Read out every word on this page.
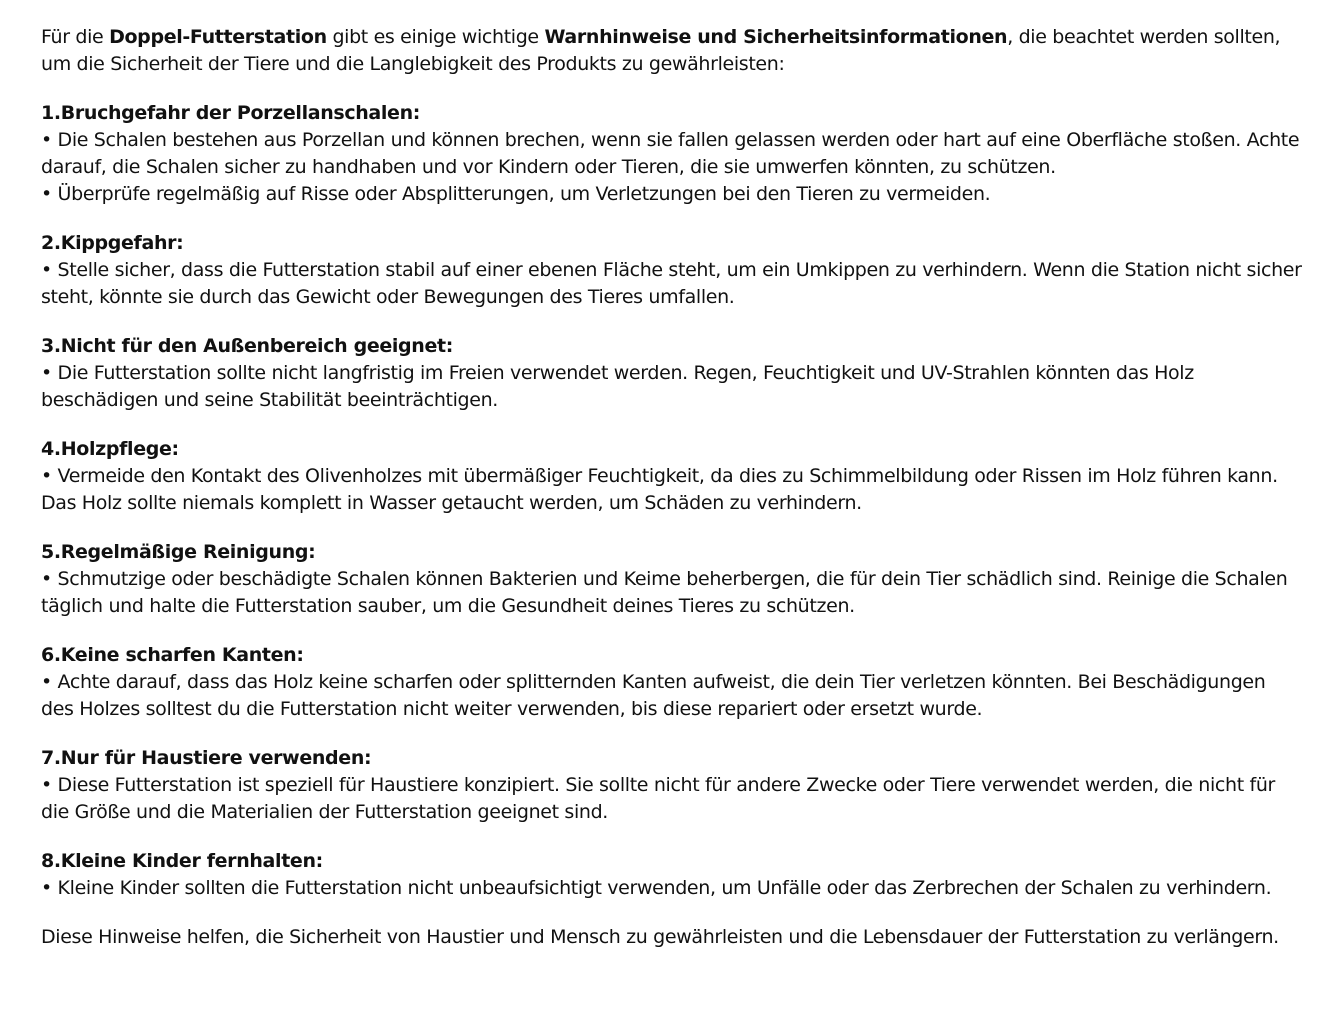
Für die Doppel-Futterstation gibt es einige wichtige Warnhinweise und Sicherheitsinformationen, die beachtet werden sollten, um die Sicherheit der Tiere und die Langlebigkeit des Produkts zu gewährleisten:

1.Bruchgefahr der Porzellanschalen:
• Die Schalen bestehen aus Porzellan und können brechen, wenn sie fallen gelassen werden oder hart auf eine Oberfläche stoßen. Achte darauf, die Schalen sicher zu handhaben und vor Kindern oder Tieren, die sie umwerfen könnten, zu schützen.
• Überprüfe regelmäßig auf Risse oder Absplitterungen, um Verletzungen bei den Tieren zu vermeiden.
2.Kippgefahr:
• Stelle sicher, dass die Futterstation stabil auf einer ebenen Fläche steht, um ein Umkippen zu verhindern. Wenn die Station nicht sicher steht, könnte sie durch das Gewicht oder Bewegungen des Tieres umfallen.
3.Nicht für den Außenbereich geeignet:
• Die Futterstation sollte nicht langfristig im Freien verwendet werden. Regen, Feuchtigkeit und UV-Strahlen könnten das Holz beschädigen und seine Stabilität beeinträchtigen.
4.Holzpflege:
• Vermeide den Kontakt des Olivenholzes mit übermäßiger Feuchtigkeit, da dies zu Schimmelbildung oder Rissen im Holz führen kann. Das Holz sollte niemals komplett in Wasser getaucht werden, um Schäden zu verhindern.
5.Regelmäßige Reinigung:
• Schmutzige oder beschädigte Schalen können Bakterien und Keime beherbergen, die für dein Tier schädlich sind. Reinige die Schalen täglich und halte die Futterstation sauber, um die Gesundheit deines Tieres zu schützen.
6.Keine scharfen Kanten:
• Achte darauf, dass das Holz keine scharfen oder splitternden Kanten aufweist, die dein Tier verletzen könnten. Bei Beschädigungen des Holzes solltest du die Futterstation nicht weiter verwenden, bis diese repariert oder ersetzt wurde.
7.Nur für Haustiere verwenden:
• Diese Futterstation ist speziell für Haustiere konzipiert. Sie sollte nicht für andere Zwecke oder Tiere verwendet werden, die nicht für die Größe und die Materialien der Futterstation geeignet sind.
8.Kleine Kinder fernhalten:
• Kleine Kinder sollten die Futterstation nicht unbeaufsichtigt verwenden, um Unfälle oder das Zerbrechen der Schalen zu verhindern.

Diese Hinweise helfen, die Sicherheit von Haustier und Mensch zu gewährleisten und die Lebensdauer der Futterstation zu verlängern.
